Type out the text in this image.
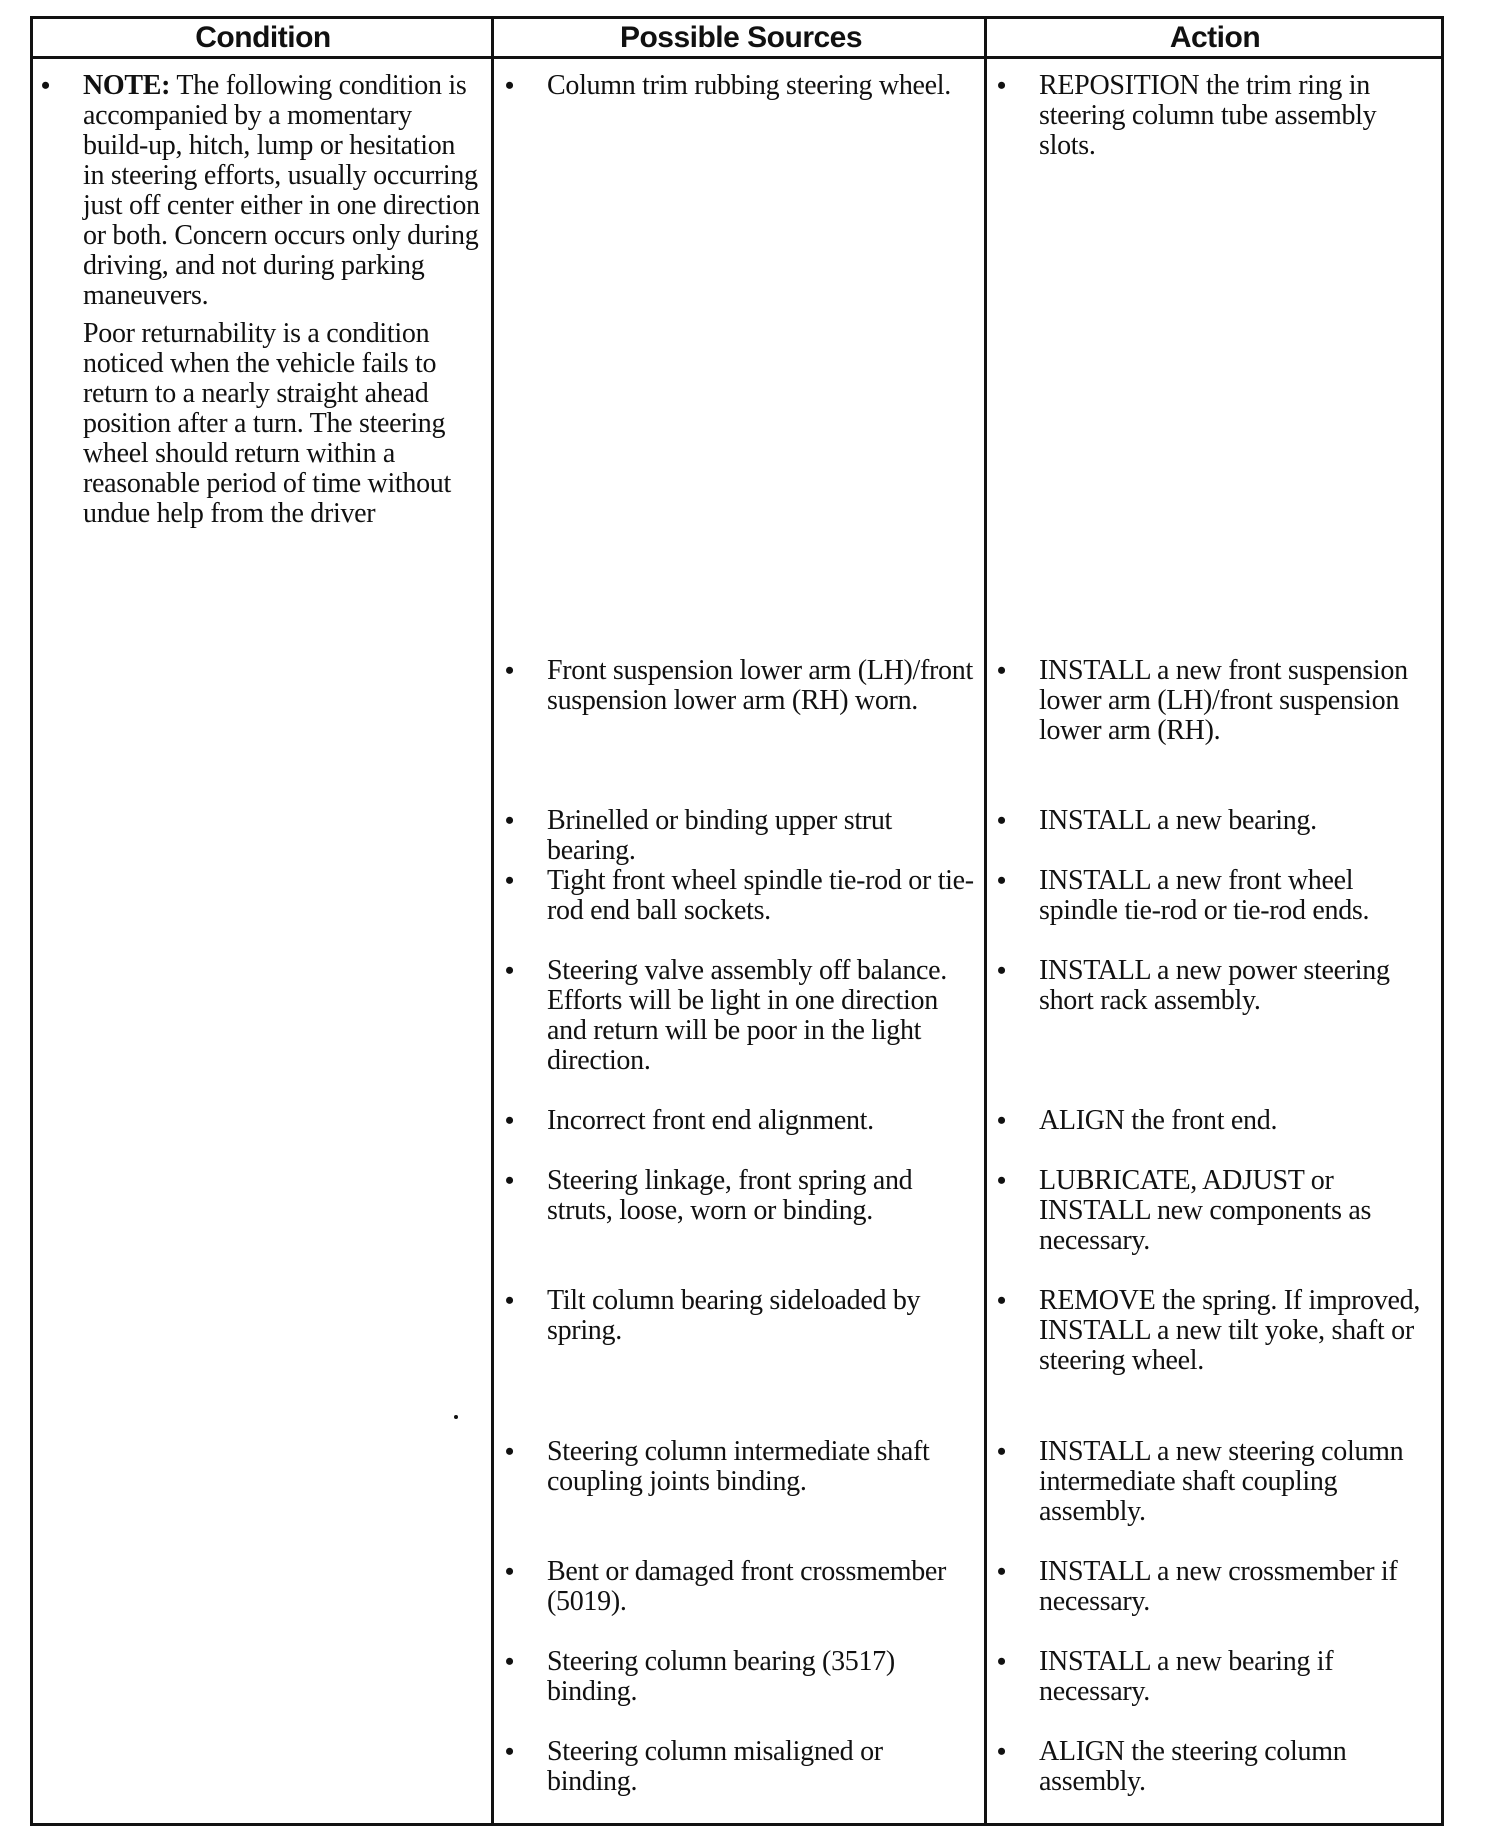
Condition	Possible Sources	Action
• NOTE: The following condition is accompanied by a momentary build-up, hitch, lump or hesitation in steering efforts, usually occurring just off center either in one direction or both. Concern occurs only during driving, and not during parking maneuvers.
Poor returnability is a condition noticed when the vehicle fails to return to a nearly straight ahead position after a turn. The steering wheel should return within a reasonable period of time without undue help from the driver
• Column trim rubbing steering wheel.
• Front suspension lower arm (LH)/front suspension lower arm (RH) worn.
• Brinelled or binding upper strut bearing.
• Tight front wheel spindle tie-rod or tie-rod end ball sockets.
• Steering valve assembly off balance. Efforts will be light in one direction and return will be poor in the light direction.
• Incorrect front end alignment.
• Steering linkage, front spring and struts, loose, worn or binding.
• Tilt column bearing sideloaded by spring.
• Steering column intermediate shaft coupling joints binding.
• Bent or damaged front crossmember (5019).
• Steering column bearing (3517) binding.
• Steering column misaligned or binding.
• REPOSITION the trim ring in steering column tube assembly slots.
• INSTALL a new front suspension lower arm (LH)/front suspension lower arm (RH).
• INSTALL a new bearing.
• INSTALL a new front wheel spindle tie-rod or tie-rod ends.
• INSTALL a new power steering short rack assembly.
• ALIGN the front end.
• LUBRICATE, ADJUST or INSTALL new components as necessary.
• REMOVE the spring. If improved, INSTALL a new tilt yoke, shaft or steering wheel.
• INSTALL a new steering column intermediate shaft coupling assembly.
• INSTALL a new crossmember if necessary.
• INSTALL a new bearing if necessary.
• ALIGN the steering column assembly.
